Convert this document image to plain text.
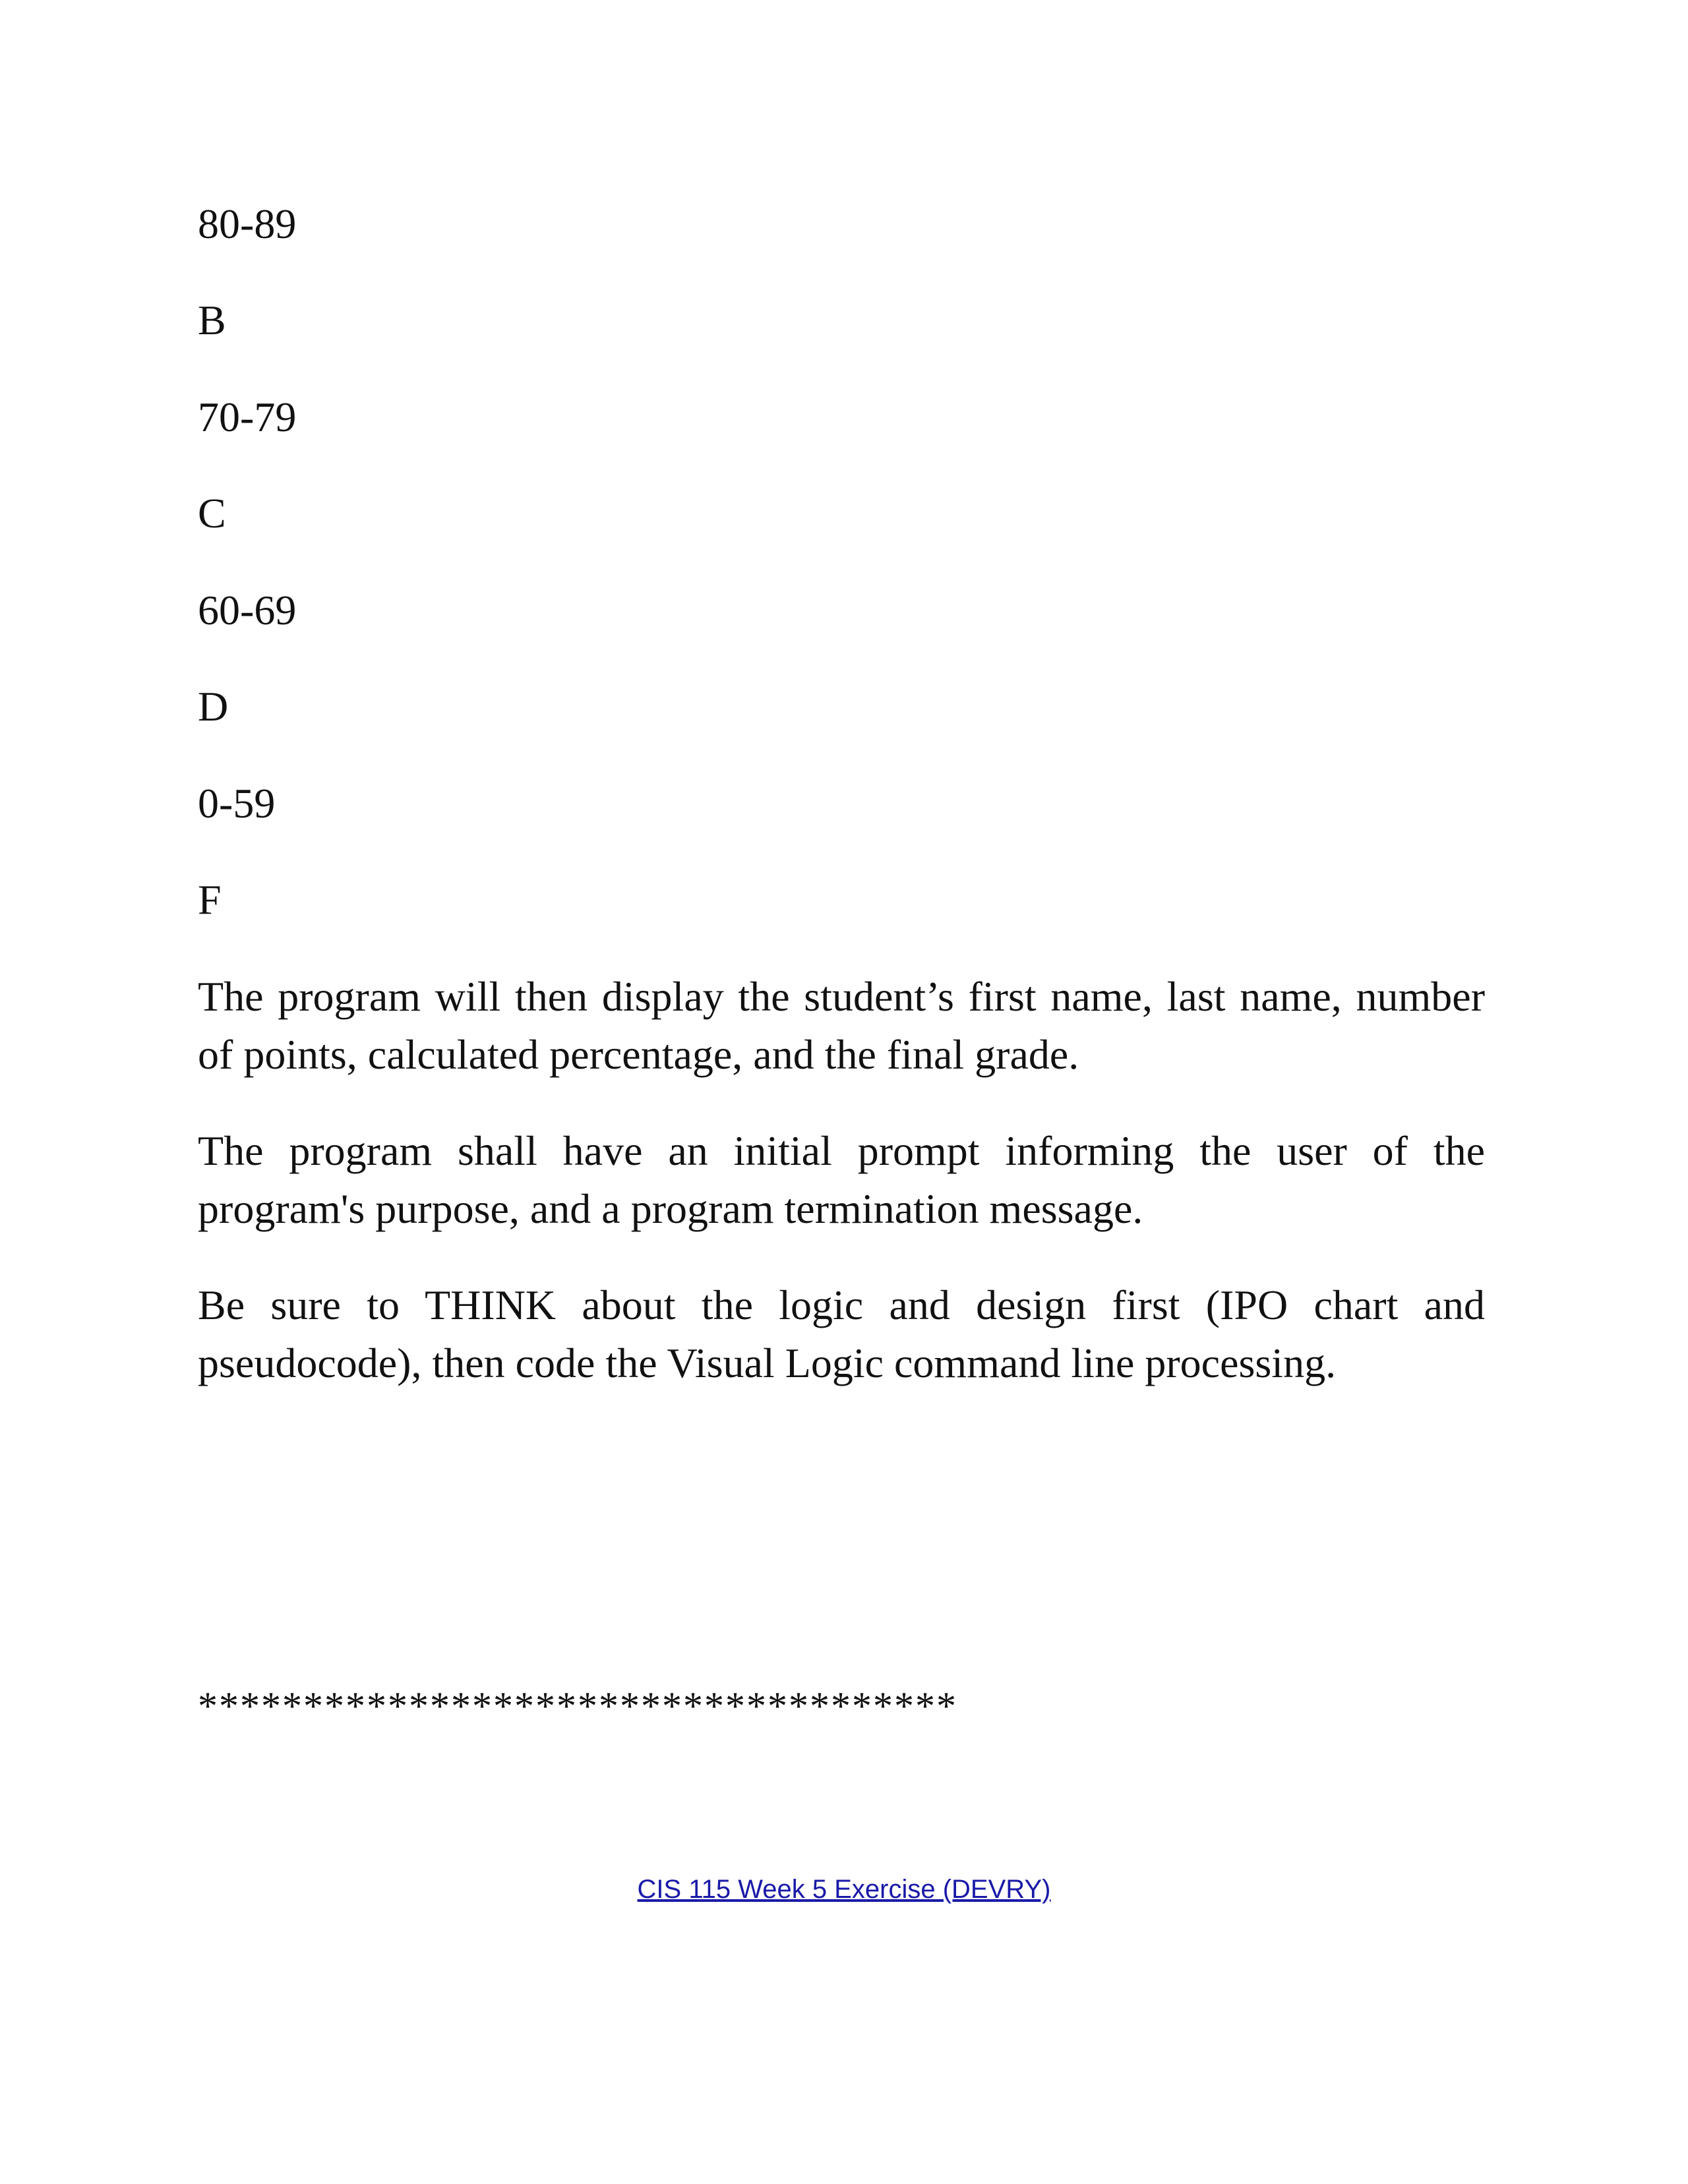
80-89

B

70-79

C

60-69

D

0-59

F

The program will then display the student’s first name, last name, number of points, calculated percentage, and the final grade.

The program shall have an initial prompt informing the user of the program's purpose, and a program termination message.

Be sure to THINK about the logic and design first (IPO chart and pseudocode), then code the Visual Logic command line processing.

************************************

CIS 115 Week 5 Exercise (DEVRY)
